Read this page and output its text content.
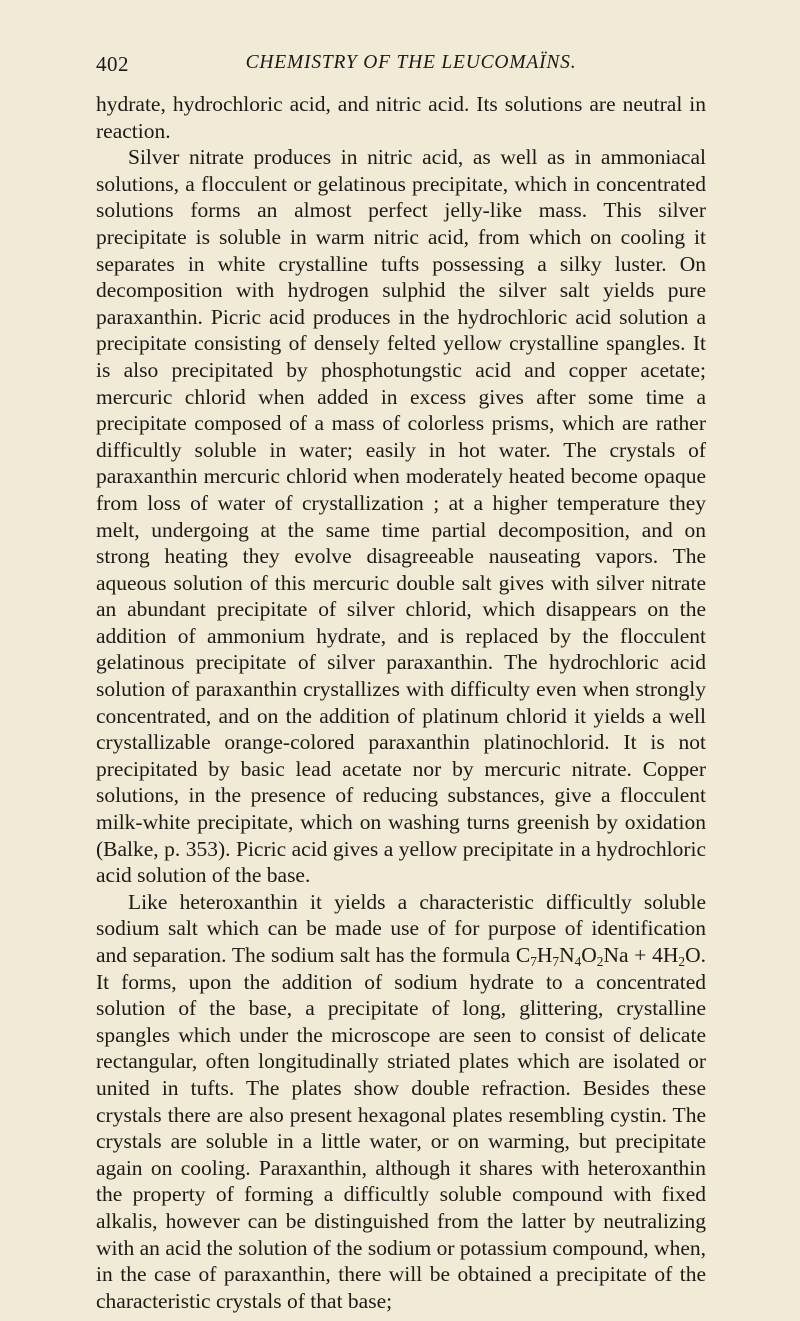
402	CHEMISTRY OF THE LEUCOMAÏNS.

hydrate, hydrochloric acid, and nitric acid. Its solutions are neutral in reaction.

Silver nitrate produces in nitric acid, as well as in ammoniacal solutions, a flocculent or gelatinous precipitate, which in concentrated solutions forms an almost perfect jelly-like mass. This silver precipitate is soluble in warm nitric acid, from which on cooling it separates in white crystalline tufts possessing a silky luster. On decomposition with hydrogen sulphid the silver salt yields pure paraxanthin. Picric acid produces in the hydrochloric acid solution a precipitate consisting of densely felted yellow crystalline spangles. It is also precipitated by phosphotungstic acid and copper acetate; mercuric chlorid when added in excess gives after some time a precipitate composed of a mass of colorless prisms, which are rather difficultly soluble in water; easily in hot water. The crystals of paraxanthin mercuric chlorid when moderately heated become opaque from loss of water of crystallization ; at a higher temperature they melt, undergoing at the same time partial decomposition, and on strong heating they evolve disagreeable nauseating vapors. The aqueous solution of this mercuric double salt gives with silver nitrate an abundant precipitate of silver chlorid, which disappears on the addition of ammonium hydrate, and is replaced by the flocculent gelatinous precipitate of silver paraxanthin. The hydrochloric acid solution of paraxanthin crystallizes with difficulty even when strongly concentrated, and on the addition of platinum chlorid it yields a well crystallizable orange-colored paraxanthin platinochlorid. It is not precipitated by basic lead acetate nor by mercuric nitrate. Copper solutions, in the presence of reducing substances, give a flocculent milk-white precipitate, which on washing turns greenish by oxidation (Balke, p. 353). Picric acid gives a yellow precipitate in a hydrochloric acid solution of the base.

Like heteroxanthin it yields a characteristic difficultly soluble sodium salt which can be made use of for purpose of identification and separation. The sodium salt has the formula $C_7H_7N_4O_2Na + 4H_2O$. It forms, upon the addition of sodium hydrate to a concentrated solution of the base, a precipitate of long, glittering, crystalline spangles which under the microscope are seen to consist of delicate rectangular, often longitudinally striated plates which are isolated or united in tufts. The plates show double refraction. Besides these crystals there are also present hexagonal plates resembling cystin. The crystals are soluble in a little water, or on warming, but precipitate again on cooling. Paraxanthin, although it shares with heteroxanthin the property of forming a difficultly soluble compound with fixed alkalis, however can be distinguished from the latter by neutralizing with an acid the solution of the sodium or potassium compound, when, in the case of paraxanthin, there will be obtained a precipitate of the characteristic crystals of that base;
